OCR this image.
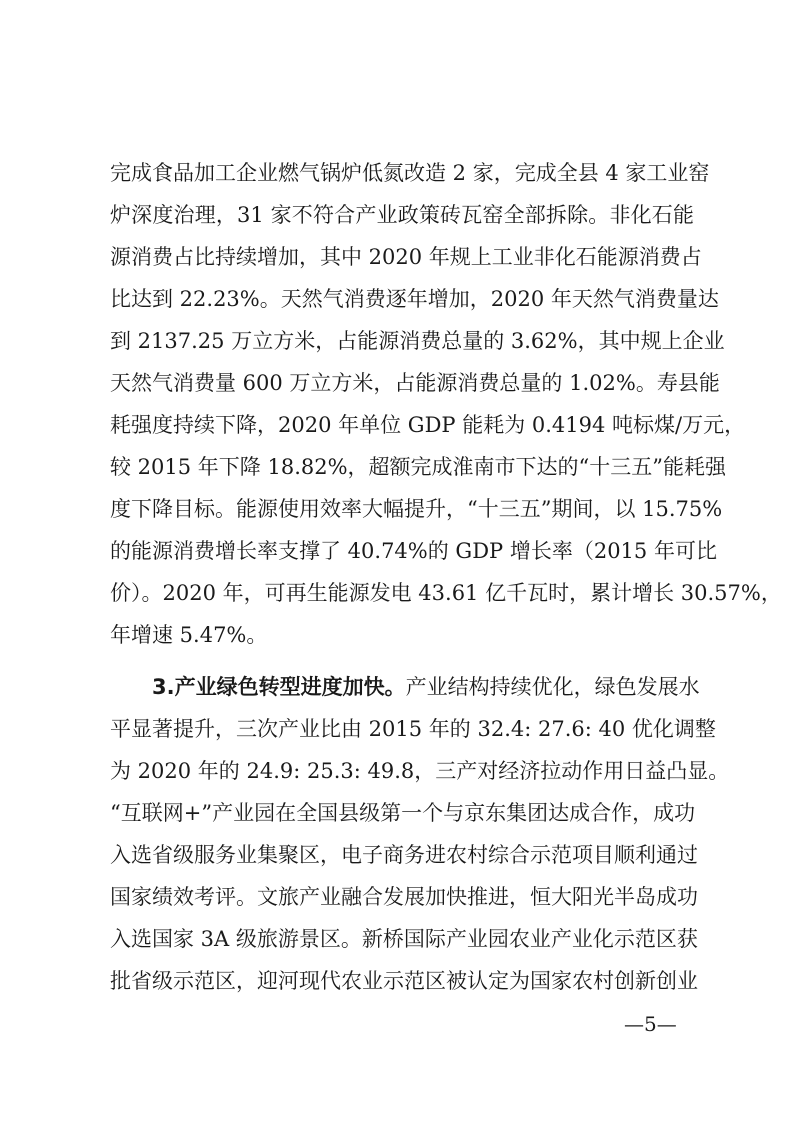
完成食品加工企业燃气锅炉低氮改造 2 家，完成全县 4 家工业窑
炉深度治理，31 家不符合产业政策砖瓦窑全部拆除。非化石能
源消费占比持续增加，其中 2020 年规上工业非化石能源消费占
比达到 22.23%。天然气消费逐年增加，2020 年天然气消费量达
到 2137.25 万立方米，占能源消费总量的 3.62%，其中规上企业
天然气消费量 600 万立方米，占能源消费总量的 1.02%。寿县能
耗强度持续下降，2020 年单位 GDP 能耗为 0.4194 吨标煤/万元，
较 2015 年下降 18.82%，超额完成淮南市下达的“十三五”能耗强
度下降目标。能源使用效率大幅提升，“十三五”期间，以 15.75%
的能源消费增长率支撑了 40.74%的 GDP 增长率（2015 年可比
价）。2020 年，可再生能源发电 43.61 亿千瓦时，累计增长 30.57%，
年增速 5.47%。
3.产业绿色转型进度加快。产业结构持续优化，绿色发展水
平显著提升，三次产业比由 2015 年的 32.4: 27.6: 40 优化调整
为 2020 年的 24.9: 25.3: 49.8，三产对经济拉动作用日益凸显。
“互联网+”产业园在全国县级第一个与京东集团达成合作，成功
入选省级服务业集聚区，电子商务进农村综合示范项目顺利通过
国家绩效考评。文旅产业融合发展加快推进，恒大阳光半岛成功
入选国家 3A 级旅游景区。新桥国际产业园农业产业化示范区获
批省级示范区，迎河现代农业示范区被认定为国家农村创新创业
—5—
